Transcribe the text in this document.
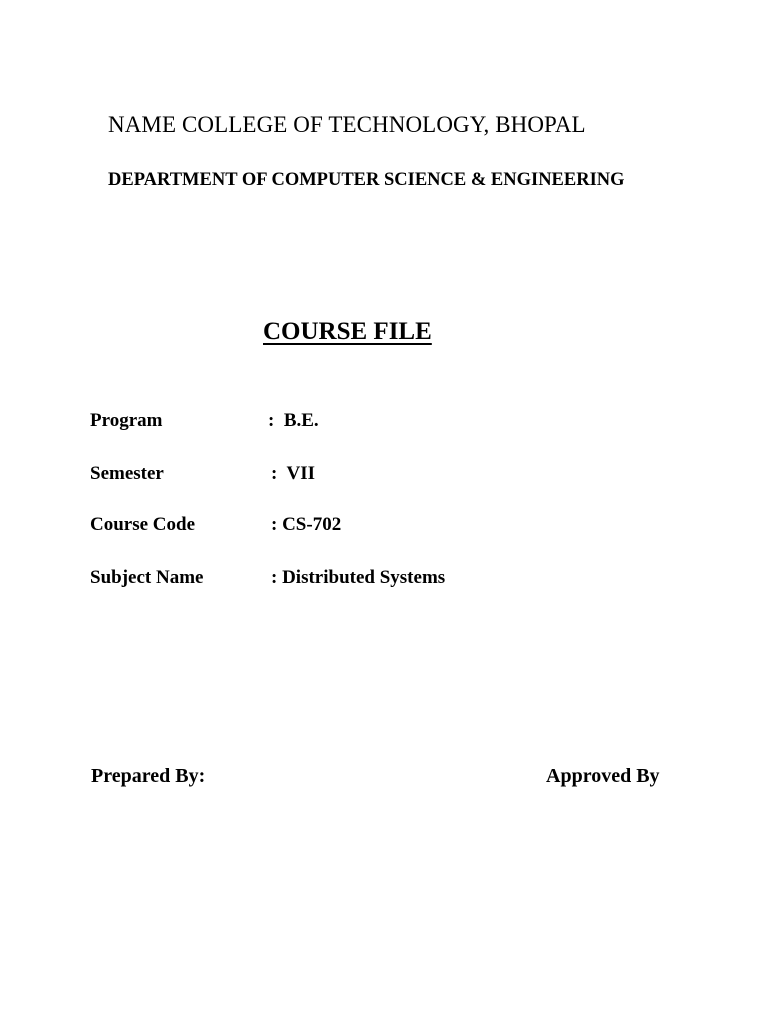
NAME COLLEGE OF TECHNOLOGY, BHOPAL
DEPARTMENT OF COMPUTER SCIENCE & ENGINEERING
COURSE FILE
Program	:  B.E.
Semester	:  VII
Course Code	: CS-702
Subject Name	: Distributed Systems
Prepared By:	Approved By
